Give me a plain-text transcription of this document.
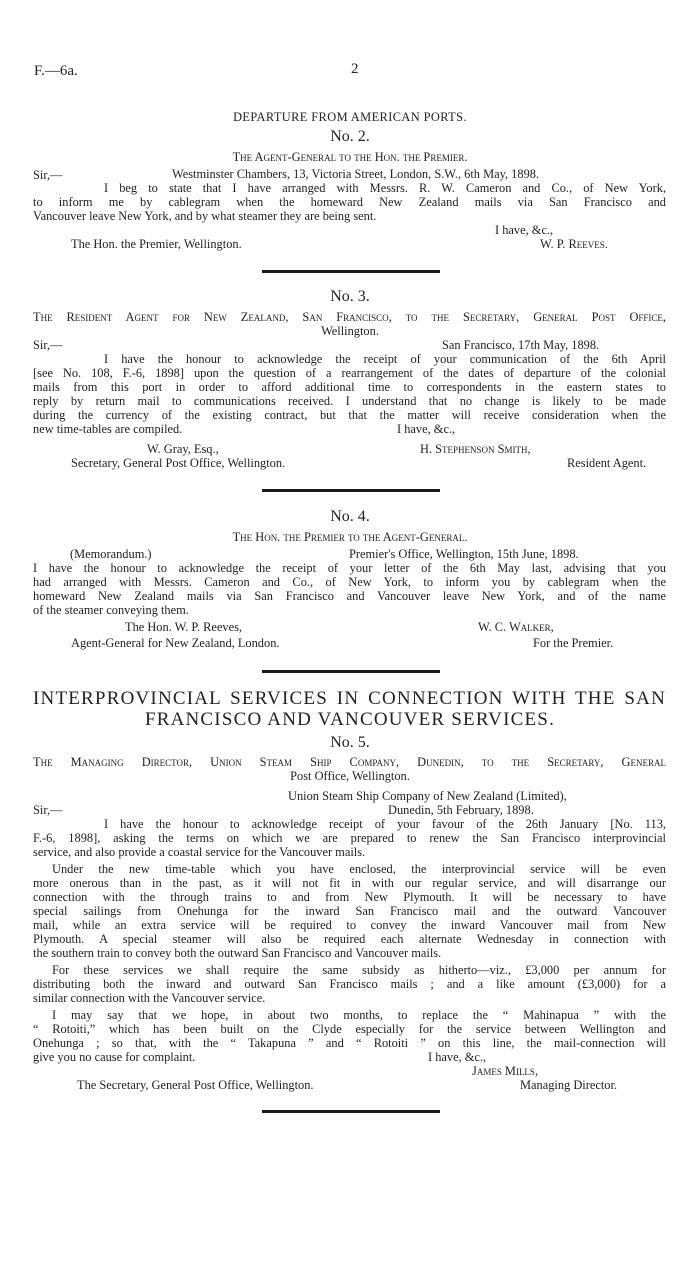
F.—6a.	2
DEPARTURE FROM AMERICAN PORTS.
No. 2.
The Agent-General to the Hon. the Premier.
Sir,—	Westminster Chambers, 13, Victoria Street, London, S.W., 6th May, 1898.
I beg to state that I have arranged with Messrs. R. W. Cameron and Co., of New York,
to inform me by cablegram when the homeward New Zealand mails via San Francisco and
Vancouver leave New York, and by what steamer they are being sent.
I have, &c.,
The Hon. the Premier, Wellington.	W. P. Reeves.
No. 3.
The Resident Agent for New Zealand, San Francisco, to the Secretary, General Post Office,
Wellington.
Sir,—	San Francisco, 17th May, 1898.
I have the honour to acknowledge the receipt of your communication of the 6th April
[see No. 108, F.-6, 1898] upon the question of a rearrangement of the dates of departure of the colonial
mails from this port in order to afford additional time to correspondents in the eastern states to
reply by return mail to communications received. I understand that no change is likely to be made
during the currency of the existing contract, but that the matter will receive consideration when the
new time-tables are compiled.	I have, &c.,
W. Gray, Esq.,	H. Stephenson Smith,
Secretary, General Post Office, Wellington.	Resident Agent.
No. 4.
The Hon. the Premier to the Agent-General.
(Memorandum.)	Premier's Office, Wellington, 15th June, 1898.
I have the honour to acknowledge the receipt of your letter of the 6th May last, advising that you
had arranged with Messrs. Cameron and Co., of New York, to inform you by cablegram when the
homeward New Zealand mails via San Francisco and Vancouver leave New York, and of the name
of the steamer conveying them.
The Hon. W. P. Reeves,	W. C. Walker,
Agent-General for New Zealand, London.	For the Premier.
INTERPROVINCIAL SERVICES IN CONNECTION WITH THE SAN
FRANCISCO AND VANCOUVER SERVICES.
No. 5.
The Managing Director, Union Steam Ship Company, Dunedin, to the Secretary, General
Post Office, Wellington.
Union Steam Ship Company of New Zealand (Limited),
Sir,—	Dunedin, 5th February, 1898.
I have the honour to acknowledge receipt of your favour of the 26th January [No. 113,
F.-6, 1898], asking the terms on which we are prepared to renew the San Francisco interprovincial
service, and also provide a coastal service for the Vancouver mails.
Under the new time-table which you have enclosed, the interprovincial service will be even
more onerous than in the past, as it will not fit in with our regular service, and will disarrange our
connection with the through trains to and from New Plymouth. It will be necessary to have
special sailings from Onehunga for the inward San Francisco mail and the outward Vancouver
mail, while an extra service will be required to convey the inward Vancouver mail from New
Plymouth. A special steamer will also be required each alternate Wednesday in connection with
the southern train to convey both the outward San Francisco and Vancouver mails.
For these services we shall require the same subsidy as hitherto—viz., £3,000 per annum for
distributing both the inward and outward San Francisco mails ; and a like amount (£3,000) for a
similar connection with the Vancouver service.
I may say that we hope, in about two months, to replace the “ Mahinapua ” with the
“ Rotoiti,” which has been built on the Clyde especially for the service between Wellington and
Onehunga ; so that, with the “ Takapuna ” and “ Rotoiti ” on this line, the mail-connection will
give you no cause for complaint.	I have, &c.,
James Mills,
The Secretary, General Post Office, Wellington.	Managing Director.
